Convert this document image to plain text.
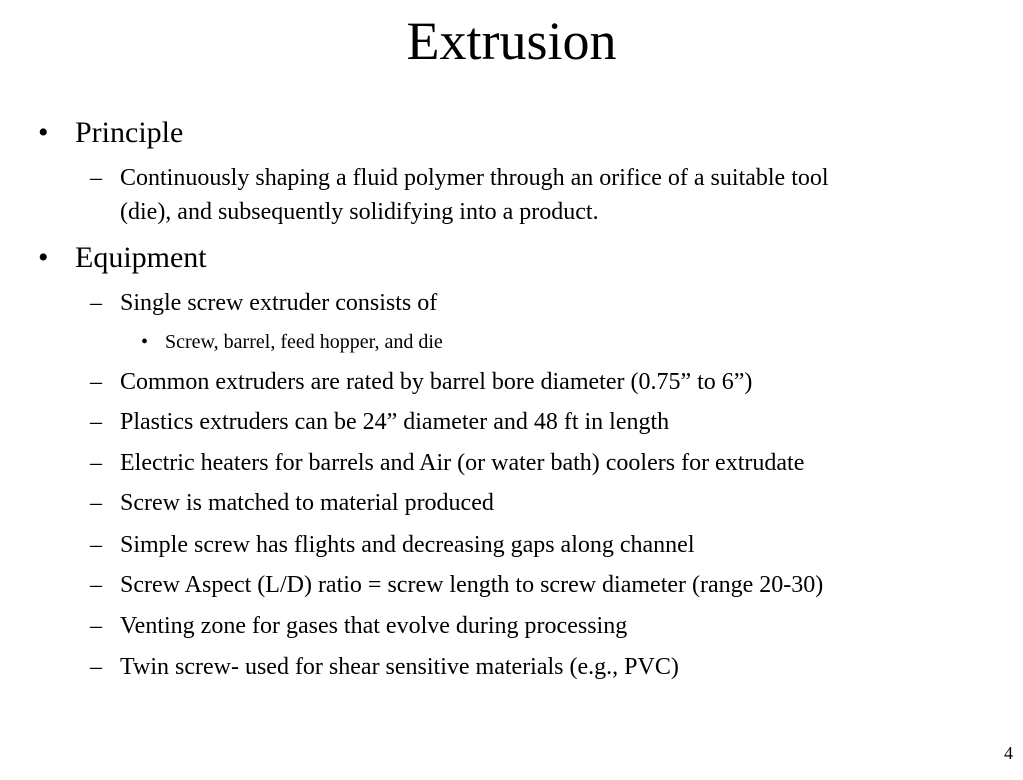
Extrusion
• Principle
– Continuously shaping a fluid polymer through an orifice of a suitable tool
(die), and subsequently solidifying into a product.
• Equipment
– Single screw extruder consists of
• Screw, barrel, feed hopper, and die
– Common extruders are rated by barrel bore diameter (0.75” to 6”)
– Plastics extruders can be 24” diameter and 48 ft in length
– Electric heaters for barrels and Air (or water bath) coolers for extrudate
– Screw is matched to material produced
– Simple screw has flights and decreasing gaps along channel
– Screw Aspect (L/D) ratio = screw length to screw diameter (range 20-30)
– Venting zone for gases that evolve during processing
– Twin screw- used for shear sensitive materials (e.g., PVC)
4
